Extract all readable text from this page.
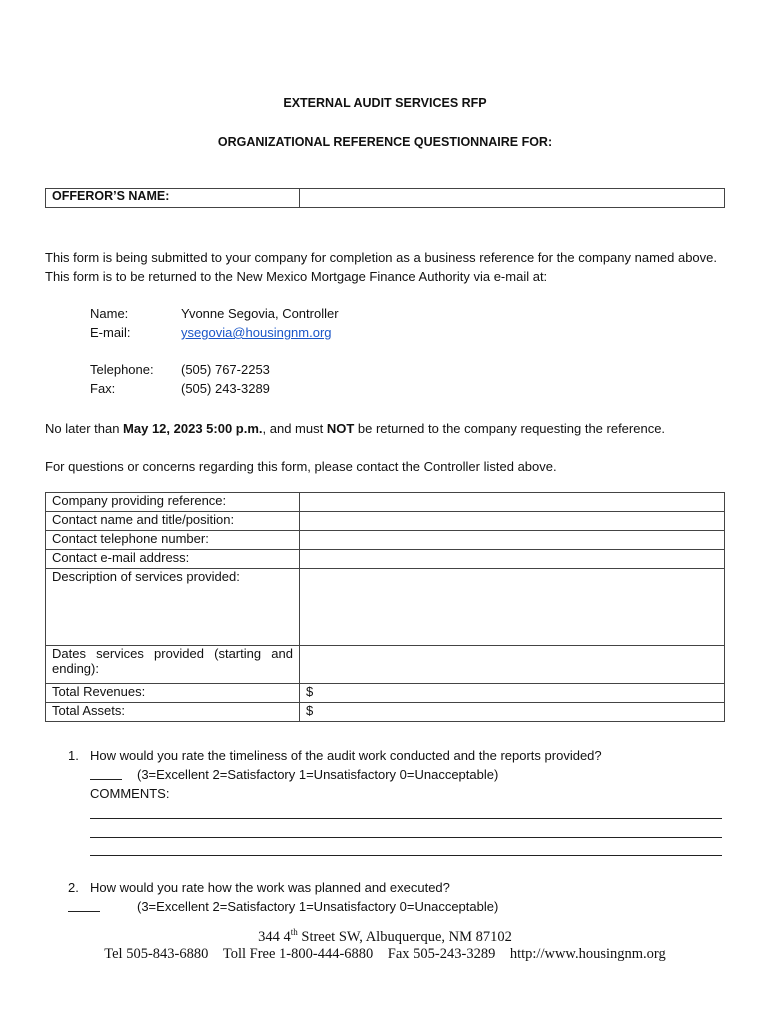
EXTERNAL AUDIT SERVICES RFP
ORGANIZATIONAL REFERENCE QUESTIONNAIRE FOR:
OFFEROR’S NAME:	
This form is being submitted to your company for completion as a business reference for the company named above. This form is to be returned to the New Mexico Mortgage Finance Authority via e-mail at:
Name:	Yvonne Segovia, Controller
E-mail:	ysegovia@housingnm.org
Telephone: (505) 767-2253
Fax:	(505) 243-3289
No later than May 12, 2023 5:00 p.m., and must NOT be returned to the company requesting the reference.
For questions or concerns regarding this form, please contact the Controller listed above.
Company providing reference:	
Contact name and title/position:	
Contact telephone number:	
Contact e-mail address:	
Description of services provided:	
Dates services provided (starting and ending):	
Total Revenues:	$
Total Assets:	$
1. How would you rate the timeliness of the audit work conducted and the reports provided?
(3=Excellent 2=Satisfactory 1=Unsatisfactory 0=Unacceptable)
COMMENTS:
2. How would you rate how the work was planned and executed?
(3=Excellent 2=Satisfactory 1=Unsatisfactory 0=Unacceptable)
344 4th Street SW, Albuquerque, NM 87102
Tel 505-843-6880 Toll Free 1-800-444-6880 Fax 505-243-3289 http://www.housingnm.org
